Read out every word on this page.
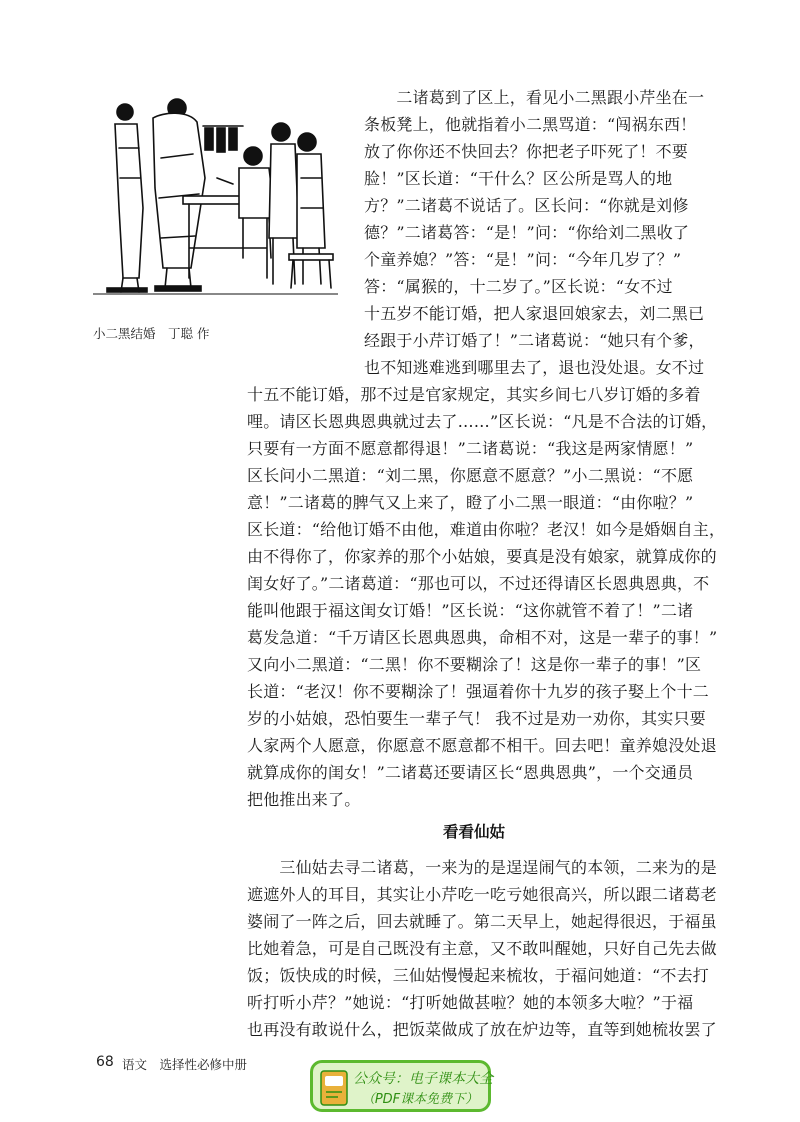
小二黑结婚　丁聪 作
　　二诸葛到了区上，看见小二黑跟小芹坐在一
条板凳上，他就指着小二黑骂道：“闯祸东西！
放了你你还不快回去？你把老子吓死了！不要
脸！”区长道：“干什么？区公所是骂人的地
方？”二诸葛不说话了。区长问：“你就是刘修
德？”二诸葛答：“是！”问：“你给刘二黑收了
个童养媳？”答：“是！”问：“今年几岁了？”
答：“属猴的，十二岁了。”区长说：“女不过
十五岁不能订婚，把人家退回娘家去，刘二黑已
经跟于小芹订婚了！”二诸葛说：“她只有个爹，
也不知逃难逃到哪里去了，退也没处退。女不过
十五不能订婚，那不过是官家规定，其实乡间七八岁订婚的多着
哩。请区长恩典恩典就过去了……”区长说：“凡是不合法的订婚，
只要有一方面不愿意都得退！”二诸葛说：“我这是两家情愿！”
区长问小二黑道：“刘二黑，你愿意不愿意？”小二黑说：“不愿
意！”二诸葛的脾气又上来了，瞪了小二黑一眼道：“由你啦？”
区长道：“给他订婚不由他，难道由你啦？老汉！如今是婚姻自主，
由不得你了，你家养的那个小姑娘，要真是没有娘家，就算成你的
闺女好了。”二诸葛道：“那也可以，不过还得请区长恩典恩典，不
能叫他跟于福这闺女订婚！”区长说：“这你就管不着了！”二诸
葛发急道：“千万请区长恩典恩典，命相不对，这是一辈子的事！”
又向小二黑道：“二黑！你不要糊涂了！这是你一辈子的事！”区
长道：“老汉！你不要糊涂了！强逼着你十九岁的孩子娶上个十二
岁的小姑娘，恐怕要生一辈子气！ 我不过是劝一劝你，其实只要
人家两个人愿意，你愿意不愿意都不相干。回去吧！童养媳没处退
就算成你的闺女！”二诸葛还要请区长“恩典恩典”，一个交通员
把他推出来了。
看看仙姑
　　三仙姑去寻二诸葛，一来为的是逞逞闹气的本领，二来为的是
遮遮外人的耳目，其实让小芹吃一吃亏她很高兴，所以跟二诸葛老
婆闹了一阵之后，回去就睡了。第二天早上，她起得很迟，于福虽
比她着急，可是自己既没有主意，又不敢叫醒她，只好自己先去做
饭；饭快成的时候，三仙姑慢慢起来梳妆，于福问她道：“不去打
听打听小芹？”她说：“打听她做甚啦？她的本领多大啦？”于福
也再没有敢说什么，把饭菜做成了放在炉边等，直等到她梳妆罢了
68 语文　选择性必修中册
公众号：电子课本大全
（PDF课本免费下）
